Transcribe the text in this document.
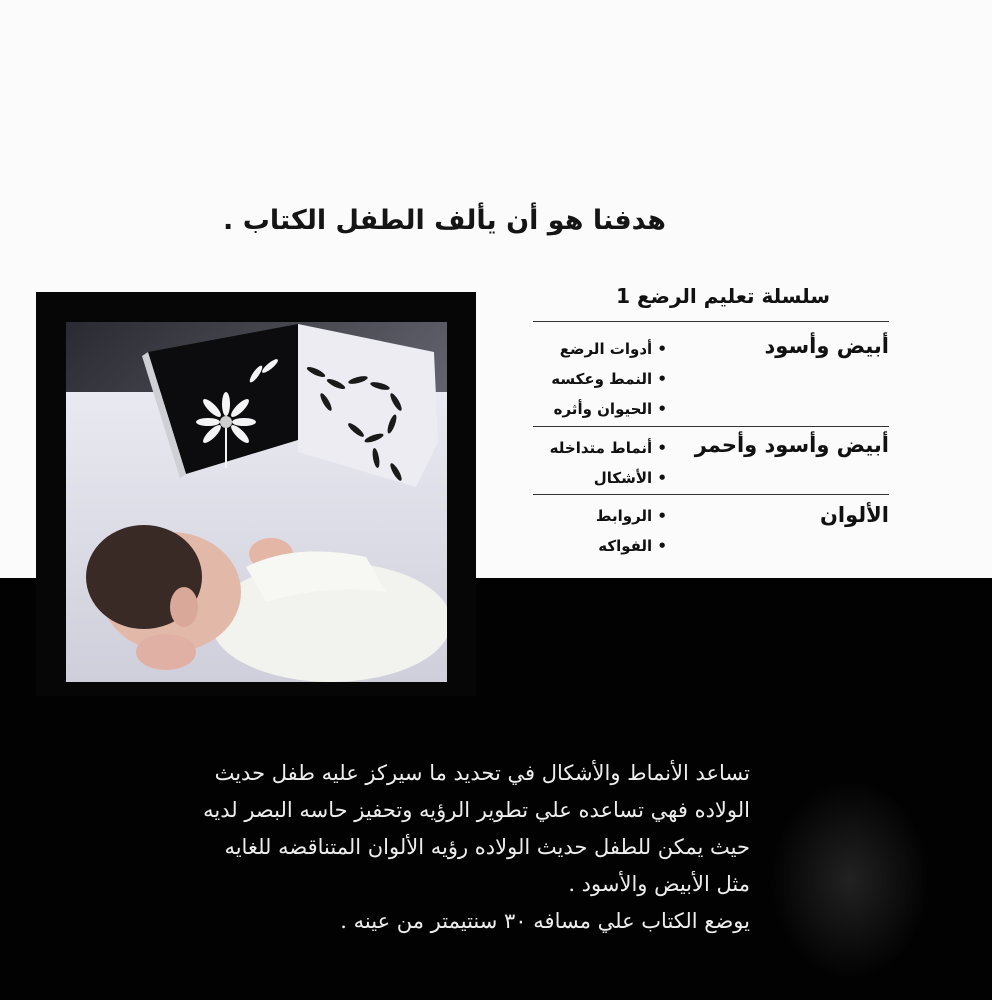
هدفنا هو أن يألف الطفل الكتاب .
سلسلة تعليم الرضع 1
أبيض وأسود
• أدوات الرضع
• النمط وعكسه
• الحيوان وأثره
أبيض وأسود وأحمر
• أنماط متداخله
• الأشكال
الألوان
• الروابط
• الفواكه

تساعد الأنماط والأشكال في تحديد ما سيركز عليه طفل حديث

الولاده فهي تساعده علي تطوير الرؤيه وتحفيز حاسه البصر لديه

حيث يمكن للطفل حديث الولاده رؤيه الألوان المتناقضه للغايه

مثل الأبيض والأسود .

يوضع الكتاب علي مسافه ٣٠ سنتيمتر من عينه .
